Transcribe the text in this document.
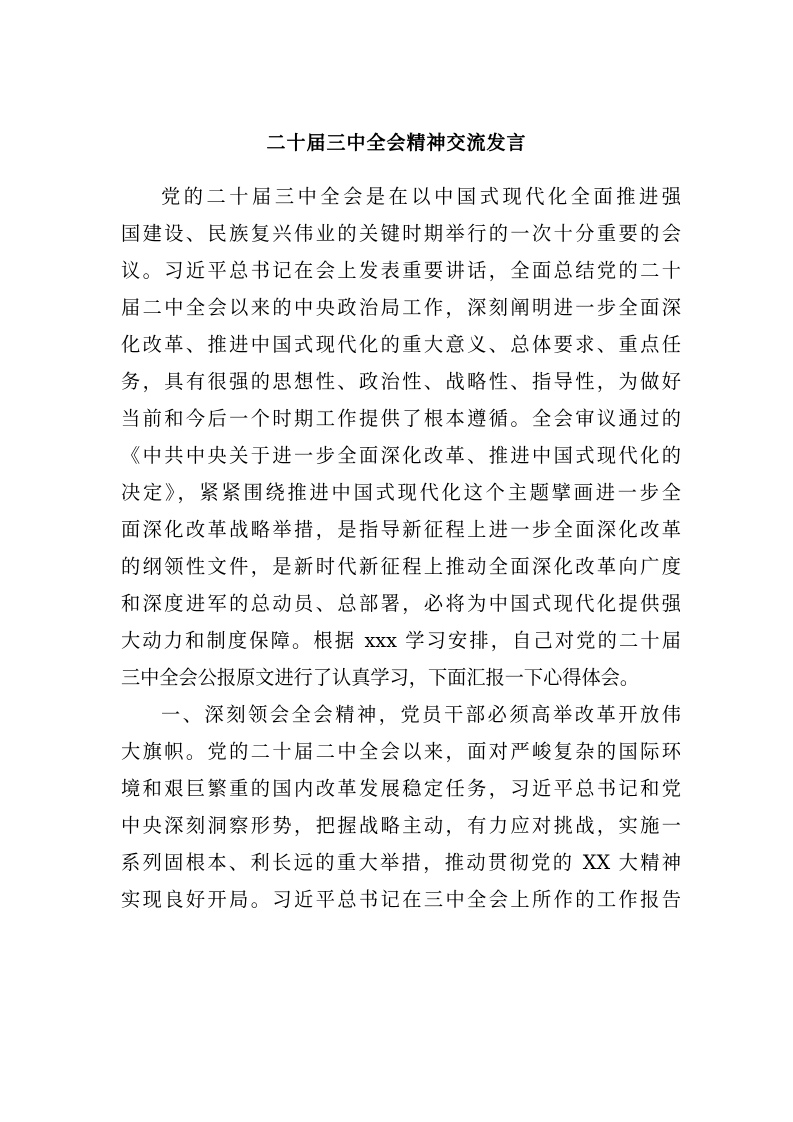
二十届三中全会精神交流发言
党的二十届三中全会是在以中国式现代化全面推进强
国建设、民族复兴伟业的关键时期举行的一次十分重要的会
议。习近平总书记在会上发表重要讲话，全面总结党的二十
届二中全会以来的中央政治局工作，深刻阐明进一步全面深
化改革、推进中国式现代化的重大意义、总体要求、重点任
务，具有很强的思想性、政治性、战略性、指导性，为做好
当前和今后一个时期工作提供了根本遵循。全会审议通过的
《中共中央关于进一步全面深化改革、推进中国式现代化的
决定》，紧紧围绕推进中国式现代化这个主题擘画进一步全
面深化改革战略举措，是指导新征程上进一步全面深化改革
的纲领性文件，是新时代新征程上推动全面深化改革向广度
和深度进军的总动员、总部署，必将为中国式现代化提供强
大动力和制度保障。根据 xxx 学习安排，自己对党的二十届
三中全会公报原文进行了认真学习，下面汇报一下心得体会。
一、深刻领会全会精神，党员干部必须高举改革开放伟
大旗帜。党的二十届二中全会以来，面对严峻复杂的国际环
境和艰巨繁重的国内改革发展稳定任务，习近平总书记和党
中央深刻洞察形势，把握战略主动，有力应对挑战，实施一
系列固根本、利长远的重大举措，推动贯彻党的 XX 大精神
实现良好开局。习近平总书记在三中全会上所作的工作报告
